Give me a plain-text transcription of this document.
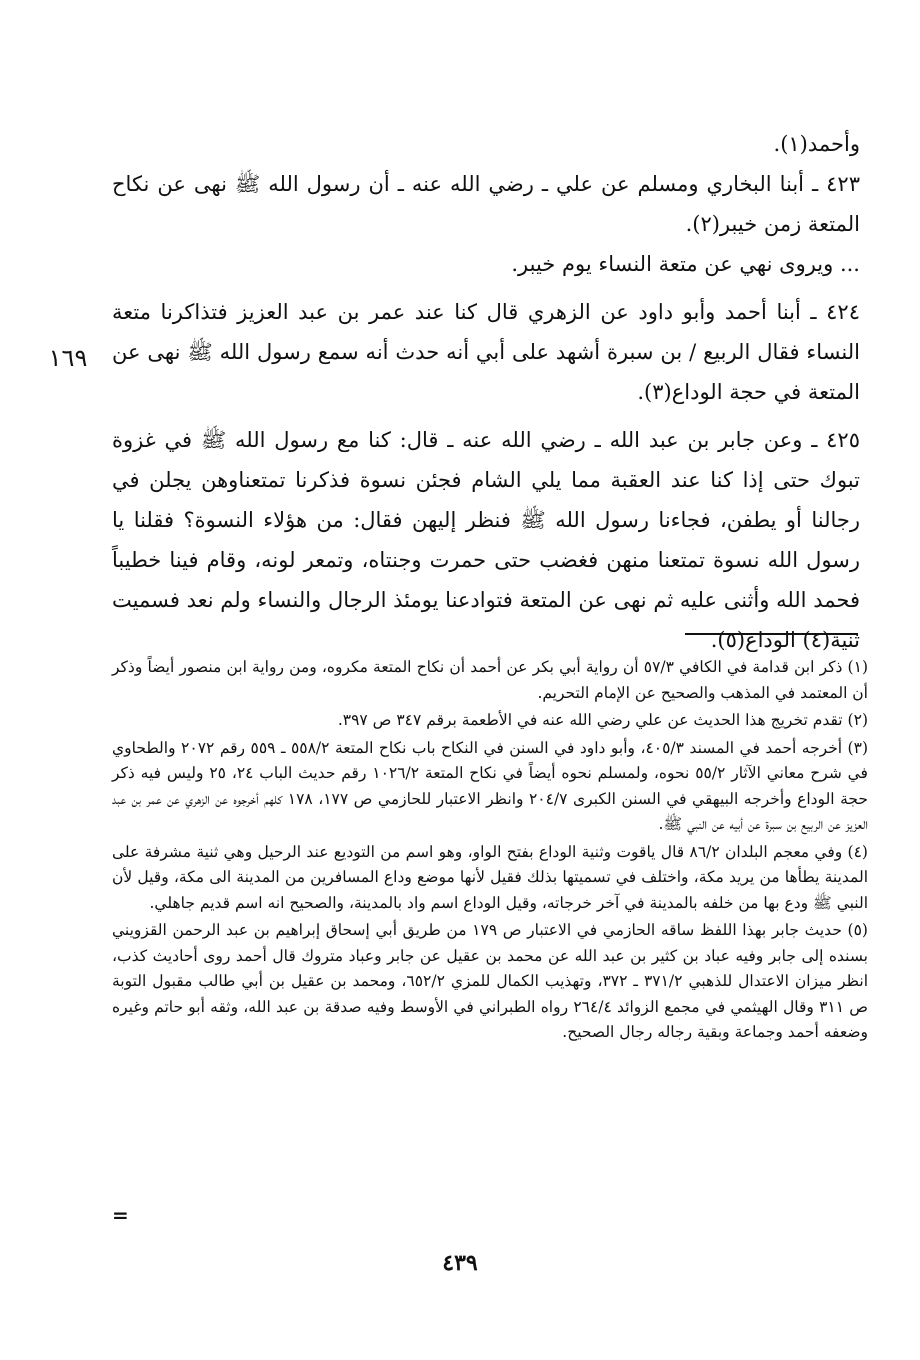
وأحمد(١).

٤٢٣ ـ أبنا البخاري ومسلم عن علي ـ رضي الله عنه ـ أن رسول الله ﷺ نهى عن نكاح المتعة زمن خيبر(٢).

... ويروى نهي عن متعة النساء يوم خيبر.

٤٢٤ ـ أبنا أحمد وأبو داود عن الزهري قال كنا عند عمر بن عبد العزيز فتذاكرنا متعة النساء فقال الربيع / بن سبرة أشهد على أبي أنه حدث أنه سمع رسول الله ﷺ نهى عن المتعة في حجة الوداع(٣).

٤٢٥ ـ وعن جابر بن عبد الله ـ رضي الله عنه ـ قال: كنا مع رسول الله ﷺ في غزوة تبوك حتى إذا كنا عند العقبة مما يلي الشام فجئن نسوة فذكرنا تمتعناوهن يجلن في رجالنا أو يطفن، فجاءنا رسول الله ﷺ فنظر إليهن فقال: من هؤلاء النسوة؟ فقلنا يا رسول الله نسوة تمتعنا منهن فغضب حتى حمرت وجنتاه، وتمعر لونه، وقام فينا خطيباً فحمد الله وأثنى عليه ثم نهى عن المتعة فتوادعنا يومئذ الرجال والنساء ولم نعد فسميت ثنية(٤) الوداع(٥).

١٦٩

(١) ذكر ابن قدامة في الكافي ٥٧/٣ أن رواية أبي بكر عن أحمد أن نكاح المتعة مكروه، ومن رواية ابن منصور أيضاً وذكر أن المعتمد في المذهب والصحيح عن الإمام التحريم.

(٢) تقدم تخريج هذا الحديث عن علي رضي الله عنه في الأطعمة برقم ٣٤٧ ص ٣٩٧.

(٣) أخرجه أحمد في المسند ٤٠٥/٣، وأبو داود في السنن في النكاح باب نكاح المتعة ٥٥٨/٢ ـ ٥٥٩ رقم ٢٠٧٢ والطحاوي في شرح معاني الآثار ٥٥/٢ نحوه، ولمسلم نحوه أيضاً في نكاح المتعة ١٠٢٦/٢ رقم حديث الباب ٢٤، ٢٥ وليس فيه ذكر حجة الوداع وأخرجه البيهقي في السنن الكبرى ٢٠٤/٧ وانظر الاعتبار للحازمي ص ١٧٧، ١٧٨ كلهم أخرجوه عن الزهري عن عمر بن عبد العزيز عن الربيع بن سبرة عن أبيه عن النبي ﷺ.

(٤) وفي معجم البلدان ٨٦/٢ قال ياقوت وثنية الوداع بفتح الواو، وهو اسم من التوديع عند الرحيل وهي ثنية مشرفة على المدينة يطأها من يريد مكة، واختلف في تسميتها بذلك فقيل لأنها موضع وداع المسافرين من المدينة الى مكة، وقيل لأن النبي ﷺ ودع بها من خلفه بالمدينة في آخر خرجاته، وقيل الوداع اسم واد بالمدينة، والصحيح انه اسم قديم جاهلي.

(٥) حديث جابر بهذا اللفظ ساقه الحازمي في الاعتبار ص ١٧٩ من طريق أبي إسحاق إبراهيم بن عبد الرحمن القزويني بسنده إلى جابر وفيه عباد بن كثير بن عبد الله عن محمد بن عقيل عن جابر وعباد متروك قال أحمد روى أحاديث كذب، انظر ميزان الاعتدال للذهبي ٣٧١/٢ ـ ٣٧٢، وتهذيب الكمال للمزي ٦٥٢/٢، ومحمد بن عقيل بن أبي طالب مقبول التوبة ص ٣١١ وقال الهيثمي في مجمع الزوائد ٢٦٤/٤ رواه الطبراني في الأوسط وفيه صدقة بن عبد الله، وثقه أبو حاتم وغيره وضعفه أحمد وجماعة وبقية رجاله رجال الصحيح.

=
٤٣٩
